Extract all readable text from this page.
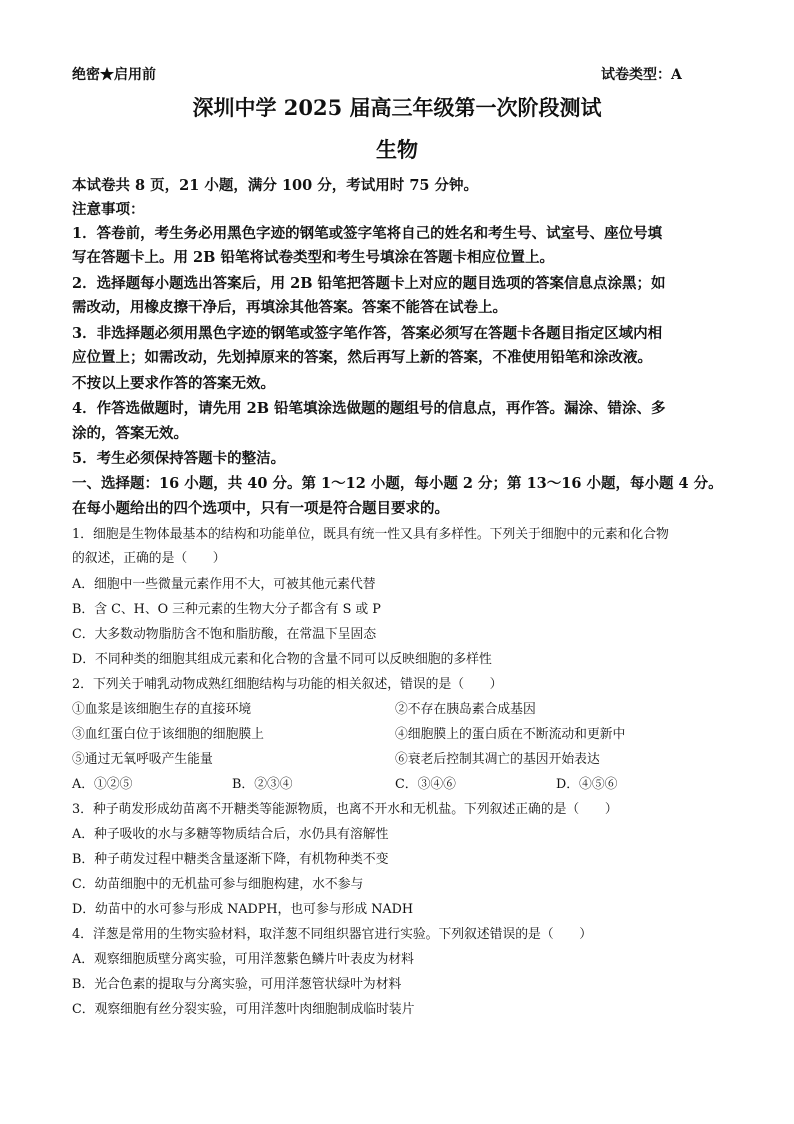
绝密★启用前	试卷类型：A
深圳中学 2025 届高三年级第一次阶段测试
生物
本试卷共 8 页，21 小题，满分 100 分，考试用时 75 分钟。
注意事项：
1．答卷前，考生务必用黑色字迹的钢笔或签字笔将自己的姓名和考生号、试室号、座位号填
写在答题卡上。用 2B 铅笔将试卷类型和考生号填涂在答题卡相应位置上。
2．选择题每小题选出答案后，用 2B 铅笔把答题卡上对应的题目选项的答案信息点涂黑；如
需改动，用橡皮擦干净后，再填涂其他答案。答案不能答在试卷上。
3．非选择题必须用黑色字迹的钢笔或签字笔作答，答案必须写在答题卡各题目指定区域内相
应位置上；如需改动，先划掉原来的答案，然后再写上新的答案，不准使用铅笔和涂改液。
不按以上要求作答的答案无效。
4．作答选做题时，请先用 2B 铅笔填涂选做题的题组号的信息点，再作答。漏涂、错涂、多
涂的，答案无效。
5．考生必须保持答题卡的整洁。
一、选择题：16 小题，共 40 分。第 1～12 小题，每小题 2 分；第 13～16 小题，每小题 4 分。
在每小题给出的四个选项中，只有一项是符合题目要求的。
1．细胞是生物体最基本的结构和功能单位，既具有统一性又具有多样性。下列关于细胞中的元素和化合物
的叙述，正确的是（　　）
A．细胞中一些微量元素作用不大，可被其他元素代替
B．含 C、H、O 三种元素的生物大分子都含有 S 或 P
C．大多数动物脂肪含不饱和脂肪酸，在常温下呈固态
D．不同种类的细胞其组成元素和化合物的含量不同可以反映细胞的多样性
2．下列关于哺乳动物成熟红细胞结构与功能的相关叙述，错误的是（　　）
①血浆是该细胞生存的直接环境	②不存在胰岛素合成基因
③血红蛋白位于该细胞的细胞膜上	④细胞膜上的蛋白质在不断流动和更新中
⑤通过无氧呼吸产生能量	⑥衰老后控制其凋亡的基因开始表达
A．①②⑤	B．②③④	C．③④⑥	D．④⑤⑥
3．种子萌发形成幼苗离不开糖类等能源物质，也离不开水和无机盐。下列叙述正确的是（　　）
A．种子吸收的水与多糖等物质结合后，水仍具有溶解性
B．种子萌发过程中糖类含量逐渐下降，有机物种类不变
C．幼苗细胞中的无机盐可参与细胞构建，水不参与
D．幼苗中的水可参与形成 NADPH，也可参与形成 NADH
4．洋葱是常用的生物实验材料，取洋葱不同组织器官进行实验。下列叙述错误的是（　　）
A．观察细胞质壁分离实验，可用洋葱紫色鳞片叶表皮为材料
B．光合色素的提取与分离实验，可用洋葱管状绿叶为材料
C．观察细胞有丝分裂实验，可用洋葱叶肉细胞制成临时装片
